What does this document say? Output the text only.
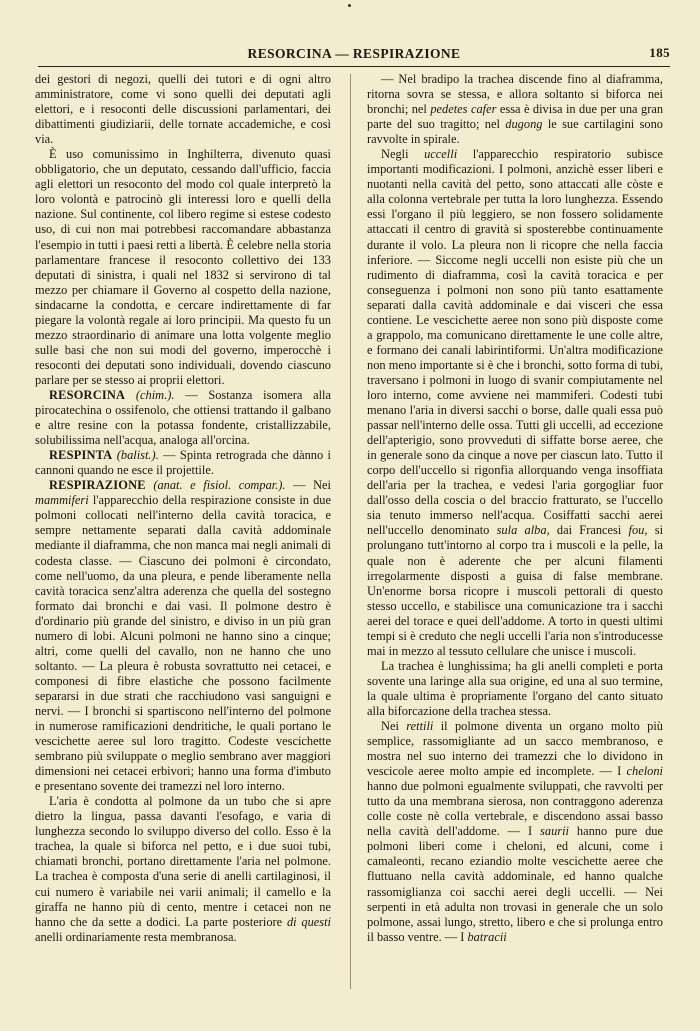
RESORCINA — RESPIRAZIONE	185

dei gestori di negozi, quelli dei tutori e di ogni altro amministratore, come vi sono quelli dei deputati agli elettori, e i resoconti delle discussioni parlamentari, dei dibattimenti giudiziarii, delle tornate accademiche, e così via.

È uso comunissimo in Inghilterra, divenuto quasi obbligatorio, che un deputato, cessando dall'ufficio, faccia agli elettori un resoconto del modo col quale interpretò la loro volontà e patrocinò gli interessi loro e quelli della nazione. Sul continente, col libero regime si estese codesto uso, di cui non mai potrebbesi raccomandare abbastanza l'esempio in tutti i paesi retti a libertà. È celebre nella storia parlamentare francese il resoconto collettivo dei 133 deputati di sinistra, i quali nel 1832 si servirono di tal mezzo per chiamare il Governo al cospetto della nazione, sindacarne la condotta, e cercare indirettamente di far piegare la volontà regale ai loro principii. Ma questo fu un mezzo straordinario di animare una lotta volgente meglio sulle basi che non sui modi del governo, imperocchè i resoconti dei deputati sono individuali, dovendo ciascuno parlare per se stesso ai proprii elettori.

RESORCINA (chim.). — Sostanza isomera alla pirocatechina o ossifenolo, che ottiensi trattando il galbano e altre resine con la potassa fondente, cristallizzabile, solubilissima nell'acqua, analoga all'orcina.

RESPINTA (balist.). — Spinta retrograda che dànno i cannoni quando ne esce il projettile.

RESPIRAZIONE (anat. e fisiol. compar.). — Nei mammiferi l'apparecchio della respirazione consiste in due polmoni collocati nell'interno della cavità toracica, e sempre nettamente separati dalla cavità addominale mediante il diaframma, che non manca mai negli animali di codesta classe. — Ciascuno dei polmoni è circondato, come nell'uomo, da una pleura, e pende liberamente nella cavità toracica senz'altra aderenza che quella del sostegno formato dai bronchi e dai vasi. Il polmone destro è d'ordinario più grande del sinistro, e diviso in un più gran numero di lobi. Alcuni polmoni ne hanno sino a cinque; altri, come quelli del cavallo, non ne hanno che uno soltanto. — La pleura è robusta sovrattutto nei cetacei, e componesi di fibre elastiche che possono facilmente separarsi in due strati che racchiudono vasi sanguigni e nervi. — I bronchi si spartiscono nell'interno del polmone in numerose ramificazioni dendritiche, le quali portano le vescichette aeree sul loro tragitto. Codeste vescichette sembrano più sviluppate o meglio sembrano aver maggiori dimensioni nei cetacei erbivori; hanno una forma d'imbuto e presentano sovente dei tramezzi nel loro interno.

L'aria è condotta al polmone da un tubo che si apre dietro la lingua, passa davanti l'esofago, e varia di lunghezza secondo lo sviluppo diverso del collo. Esso è la trachea, la quale si biforca nel petto, e i due suoi tubi, chiamati bronchi, portano direttamente l'aria nel polmone. La trachea è composta d'una serie di anelli cartilaginosi, il cui numero è variabile nei varii animali; il camello e la giraffa ne hanno più di cento, mentre i cetacei non ne hanno che da sette a dodici. La parte posteriore di questi anelli ordinariamente resta membranosa.

— Nel bradipo la trachea discende fino al diaframma, ritorna sovra se stessa, e allora soltanto si biforca nei bronchi; nel pedetes cafer essa è divisa in due per una gran parte del suo tragitto; nel dugong le sue cartilagini sono ravvolte in spirale.

Negli uccelli l'apparecchio respiratorio subisce importanti modificazioni. I polmoni, anzichè esser liberi e nuotanti nella cavità del petto, sono attaccati alle còste e alla colonna vertebrale per tutta la loro lunghezza. Essendo essi l'organo il più leggiero, se non fossero solidamente attaccati il centro di gravità si sposterebbe continuamente durante il volo. La pleura non li ricopre che nella faccia inferiore. — Siccome negli uccelli non esiste più che un rudimento di diaframma, così la cavità toracica e per conseguenza i polmoni non sono più tanto esattamente separati dalla cavità addominale e dai visceri che essa contiene. Le vescichette aeree non sono più disposte come a grappolo, ma comunicano direttamente le une colle altre, e formano dei canali labirintiformi. Un'altra modificazione non meno importante si è che i bronchi, sotto forma di tubi, traversano i polmoni in luogo di svanir compiutamente nel loro interno, come avviene nei mammiferi. Codesti tubi menano l'aria in diversi sacchi o borse, dalle quali essa può passar nell'interno delle ossa. Tutti gli uccelli, ad eccezione dell'apterigio, sono provveduti di siffatte borse aeree, che in generale sono da cinque a nove per ciascun lato. Tutto il corpo dell'uccello si rigonfia allorquando venga insoffiata dell'aria per la trachea, e vedesi l'aria gorgogliar fuor dall'osso della coscia o del braccio fratturato, se l'uccello sia tenuto immerso nell'acqua. Cosiffatti sacchi aerei nell'uccello denominato sula alba, dai Francesi fou, si prolungano tutt'intorno al corpo tra i muscoli e la pelle, la quale non è aderente che per alcuni filamenti irregolarmente disposti a guisa di false membrane. Un'enorme borsa ricopre i muscoli pettorali di questo stesso uccello, e stabilisce una comunicazione tra i sacchi aerei del torace e quei dell'addome. A torto in questi ultimi tempi si è creduto che negli uccelli l'aria non s'introducesse mai in mezzo al tessuto cellulare che unisce i muscoli.

La trachea è lunghissima; ha gli anelli completi e porta sovente una laringe alla sua origine, ed una al suo termine, la quale ultima è propriamente l'organo del canto situato alla biforcazione della trachea stessa.

Nei rettili il polmone diventa un organo molto più semplice, rassomigliante ad un sacco membranoso, e mostra nel suo interno dei tramezzi che lo dividono in vescicole aeree molto ampie ed incomplete. — I cheloni hanno due polmoni egualmente sviluppati, che ravvolti per tutto da una membrana sierosa, non contraggono aderenza colle coste nè colla vertebrale, e discendono assai basso nella cavità dell'addome. — I saurii hanno pure due polmoni liberi come i cheloni, ed alcuni, come i camaleonti, recano eziandio molte vescichette aeree che fluttuano nella cavità addominale, ed hanno qualche rassomiglianza coi sacchi aerei degli uccelli. — Nei serpenti in età adulta non trovasi in generale che un solo polmone, assai lungo, stretto, libero e che si prolunga entro il basso ventre. — I batracii
